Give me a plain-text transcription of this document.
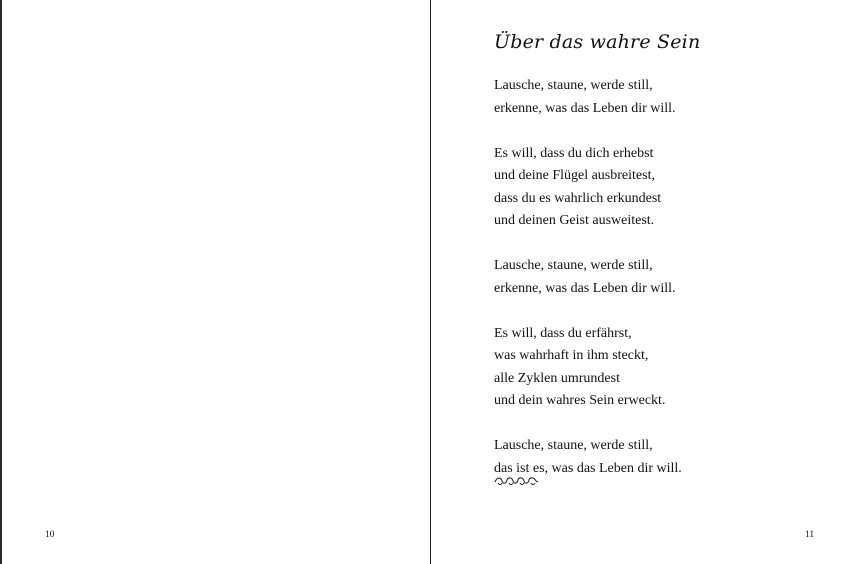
10
Über das wahre Sein
Lausche, staune, werde still,
erkenne, was das Leben dir will.
Es will, dass du dich erhebst
und deine Flügel ausbreitest,
dass du es wahrlich erkundest
und deinen Geist ausweitest.
Lausche, staune, werde still,
erkenne, was das Leben dir will.
Es will, dass du erfährst,
was wahrhaft in ihm steckt,
alle Zyklen umrundest
und dein wahres Sein erweckt.
Lausche, staune, werde still,
das ist es, was das Leben dir will.
11
